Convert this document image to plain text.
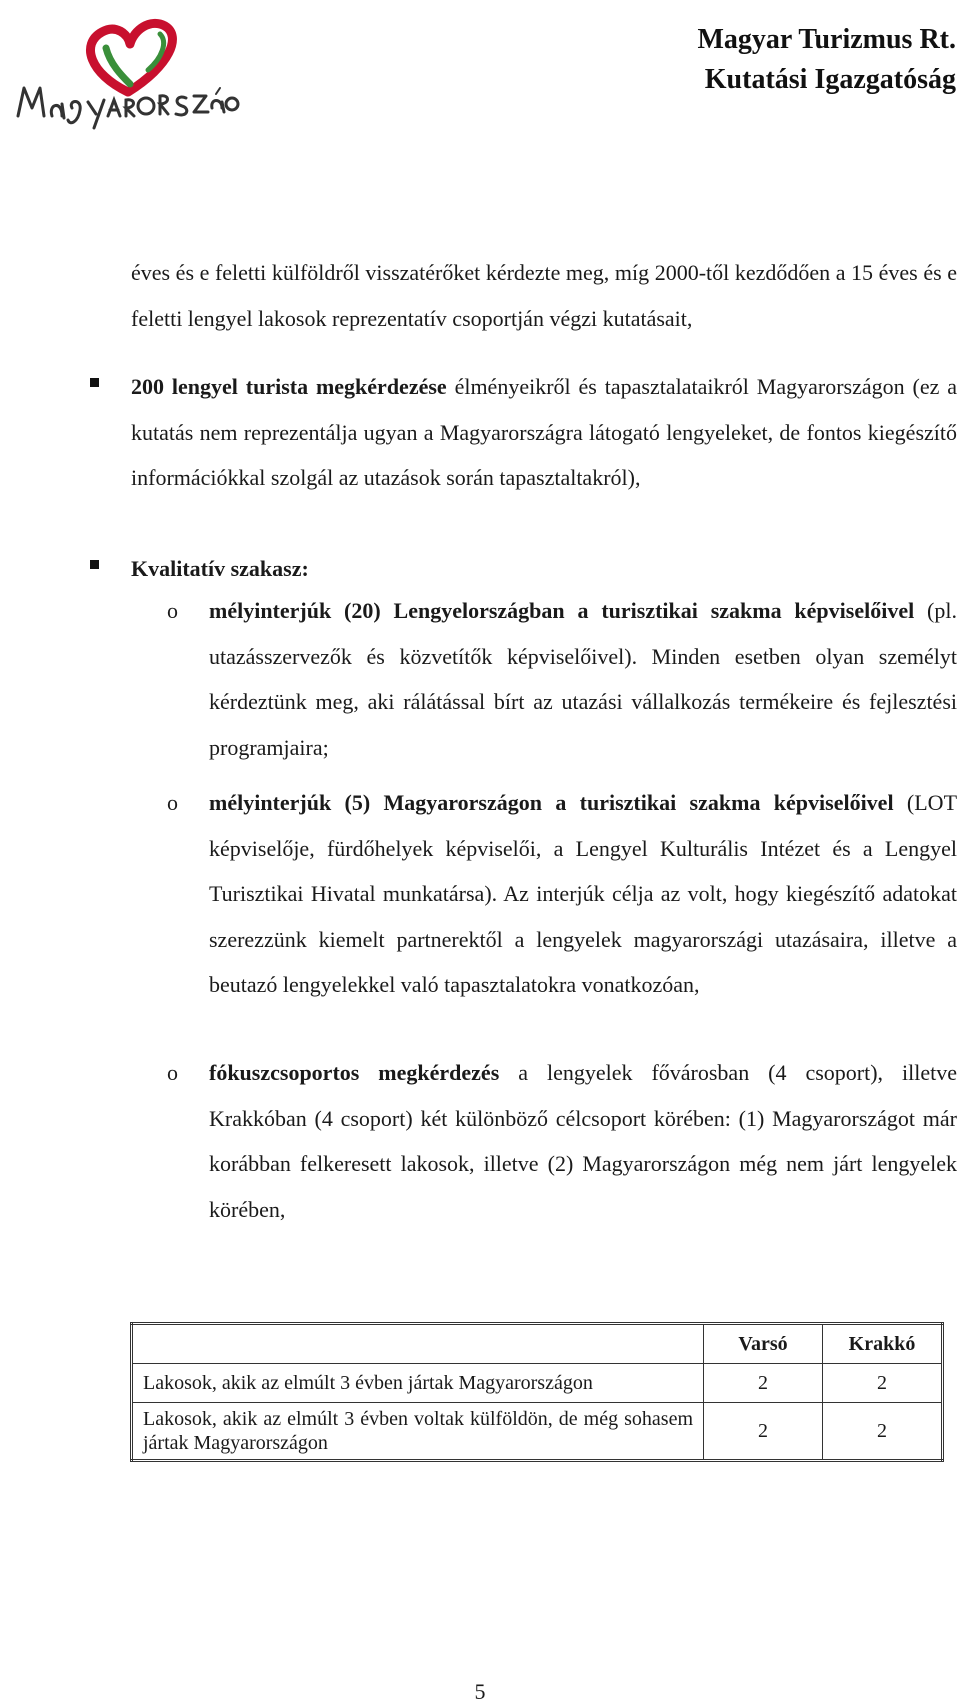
Magyar Turizmus Rt.
Kutatási Igazgatóság

éves és e feletti külföldről visszatérőket kérdezte meg, míg 2000-től kezdődően a 15 éves és e feletti lengyel lakosok reprezentatív csoportján végzi kutatásait,

200 lengyel turista megkérdezése élményeikről és tapasztalataikról Magyarországon (ez a kutatás nem reprezentálja ugyan a Magyarországra látogató lengyeleket, de fontos kiegészítő információkkal szolgál az utazások során tapasztaltakról),

Kvalitatív szakasz:

o mélyinterjúk (20) Lengyelországban a turisztikai szakma képviselőivel (pl. utazásszervezők és közvetítők képviselőivel). Minden esetben olyan személyt kérdeztünk meg, aki rálátással bírt az utazási vállalkozás termékeire és fejlesztési programjaira;

o mélyinterjúk (5) Magyarországon a turisztikai szakma képviselőivel (LOT képviselője, fürdőhelyek képviselői, a Lengyel Kulturális Intézet és a Lengyel Turisztikai Hivatal munkatársa). Az interjúk célja az volt, hogy kiegészítő adatokat szerezzünk kiemelt partnerektől a lengyelek magyarországi utazásaira, illetve a beutazó lengyelekkel való tapasztalatokra vonatkozóan,

o fókuszcsoportos megkérdezés a lengyelek fővárosban (4 csoport), illetve Krakkóban (4 csoport) két különböző célcsoport körében: (1) Magyarországot már korábban felkeresett lakosok, illetve (2) Magyarországon még nem járt lengyelek körében,

	Varsó	Krakkó
Lakosok, akik az elmúlt 3 évben jártak Magyarországon	2	2
Lakosok, akik az elmúlt 3 évben voltak külföldön, de még sohasem jártak Magyarországon	2	2
5
